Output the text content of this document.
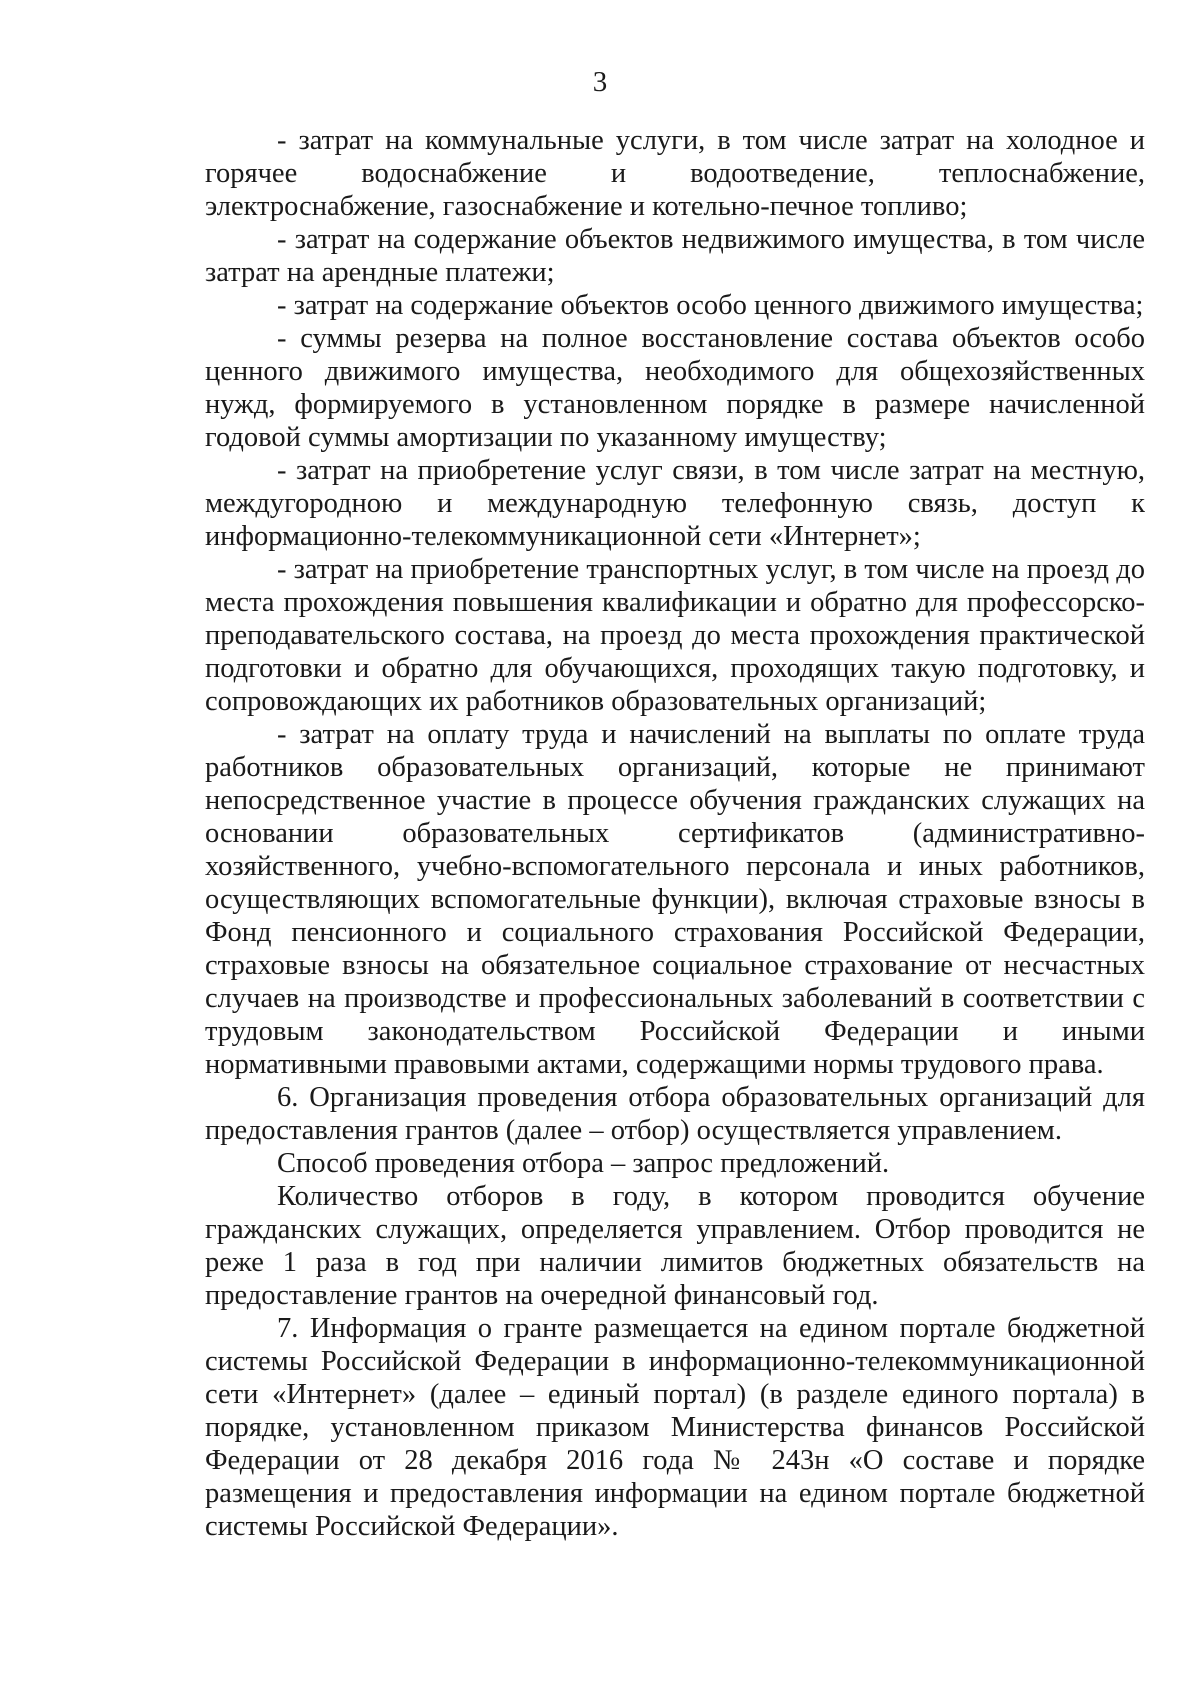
3

- затрат на коммунальные услуги, в том числе затрат на холодное и горячее водоснабжение и водоотведение, теплоснабжение, электроснабжение, газоснабжение и котельно-печное топливо;

- затрат на содержание объектов недвижимого имущества, в том числе затрат на арендные платежи;

- затрат на содержание объектов особо ценного движимого имущества;

- суммы резерва на полное восстановление состава объектов особо ценного движимого имущества, необходимого для общехозяйственных нужд, формируемого в установленном порядке в размере начисленной годовой суммы амортизации по указанному имуществу;

- затрат на приобретение услуг связи, в том числе затрат на местную, междугородною и международную телефонную связь, доступ к информационно-телекоммуникационной сети «Интернет»;

- затрат на приобретение транспортных услуг, в том числе на проезд до места прохождения повышения квалификации и обратно для профессорско-преподавательского состава, на проезд до места прохождения практической подготовки и обратно для обучающихся, проходящих такую подготовку, и сопровождающих их работников образовательных организаций;

- затрат на оплату труда и начислений на выплаты по оплате труда работников образовательных организаций, которые не принимают непосредственное участие в процессе обучения гражданских служащих на основании образовательных сертификатов (административно-хозяйственного, учебно-вспомогательного персонала и иных работников, осуществляющих вспомогательные функции), включая страховые взносы в Фонд пенсионного и социального страхования Российской Федерации, страховые взносы на обязательное социальное страхование от несчастных случаев на производстве и профессиональных заболеваний в соответствии с трудовым законодательством Российской Федерации и иными нормативными правовыми актами, содержащими нормы трудового права.

6. Организация проведения отбора образовательных организаций для предоставления грантов (далее – отбор) осуществляется управлением.

Способ проведения отбора – запрос предложений.

Количество отборов в году, в котором проводится обучение гражданских служащих, определяется управлением. Отбор проводится не реже 1 раза в год при наличии лимитов бюджетных обязательств на предоставление грантов на очередной финансовый год.

7. Информация о гранте размещается на едином портале бюджетной системы Российской Федерации в информационно-телекоммуникационной сети «Интернет» (далее – единый портал) (в разделе единого портала) в порядке, установленном приказом Министерства финансов Российской Федерации от 28 декабря 2016 года № 243н «О составе и порядке размещения и предоставления информации на едином портале бюджетной системы Российской Федерации».
